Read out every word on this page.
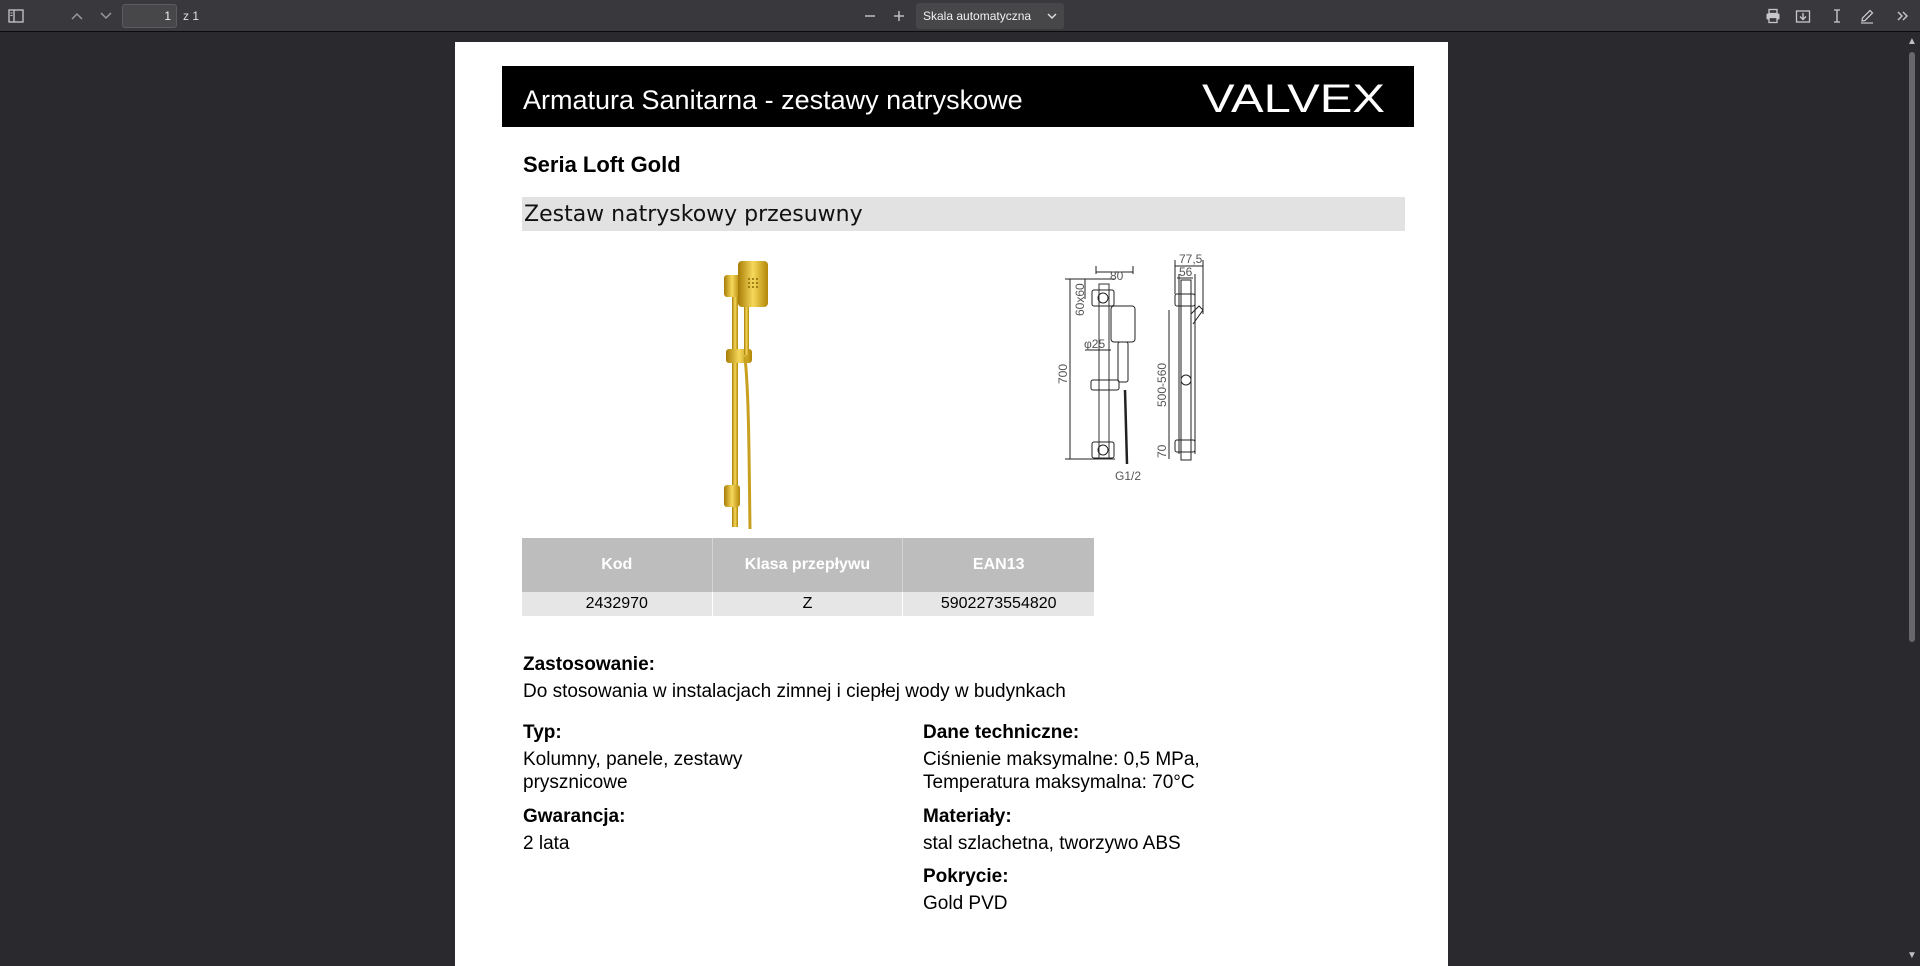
1
z 1	Skala automatyczna
▲
▼
Armatura Sanitarna - zestawy natryskowe	VALVEX
Seria Loft Gold
Zestaw natryskowy przesuwny
77,5
56
80
60x60
φ25
700	500-560
70
G1/2
Kod	Klasa przepływu	EAN13
2432970	Z	5902273554820
Zastosowanie:
Do stosowania w instalacjach zimnej i ciepłej wody w budynkach
Typ:
Kolumny, panele, zestawy prysznicowe
Gwarancja:
2 lata
Dane techniczne:
Ciśnienie maksymalne: 0,5 MPa,
Temperatura maksymalna: 70°C
Materiały:
stal szlachetna, tworzywo ABS
Pokrycie:
Gold PVD
